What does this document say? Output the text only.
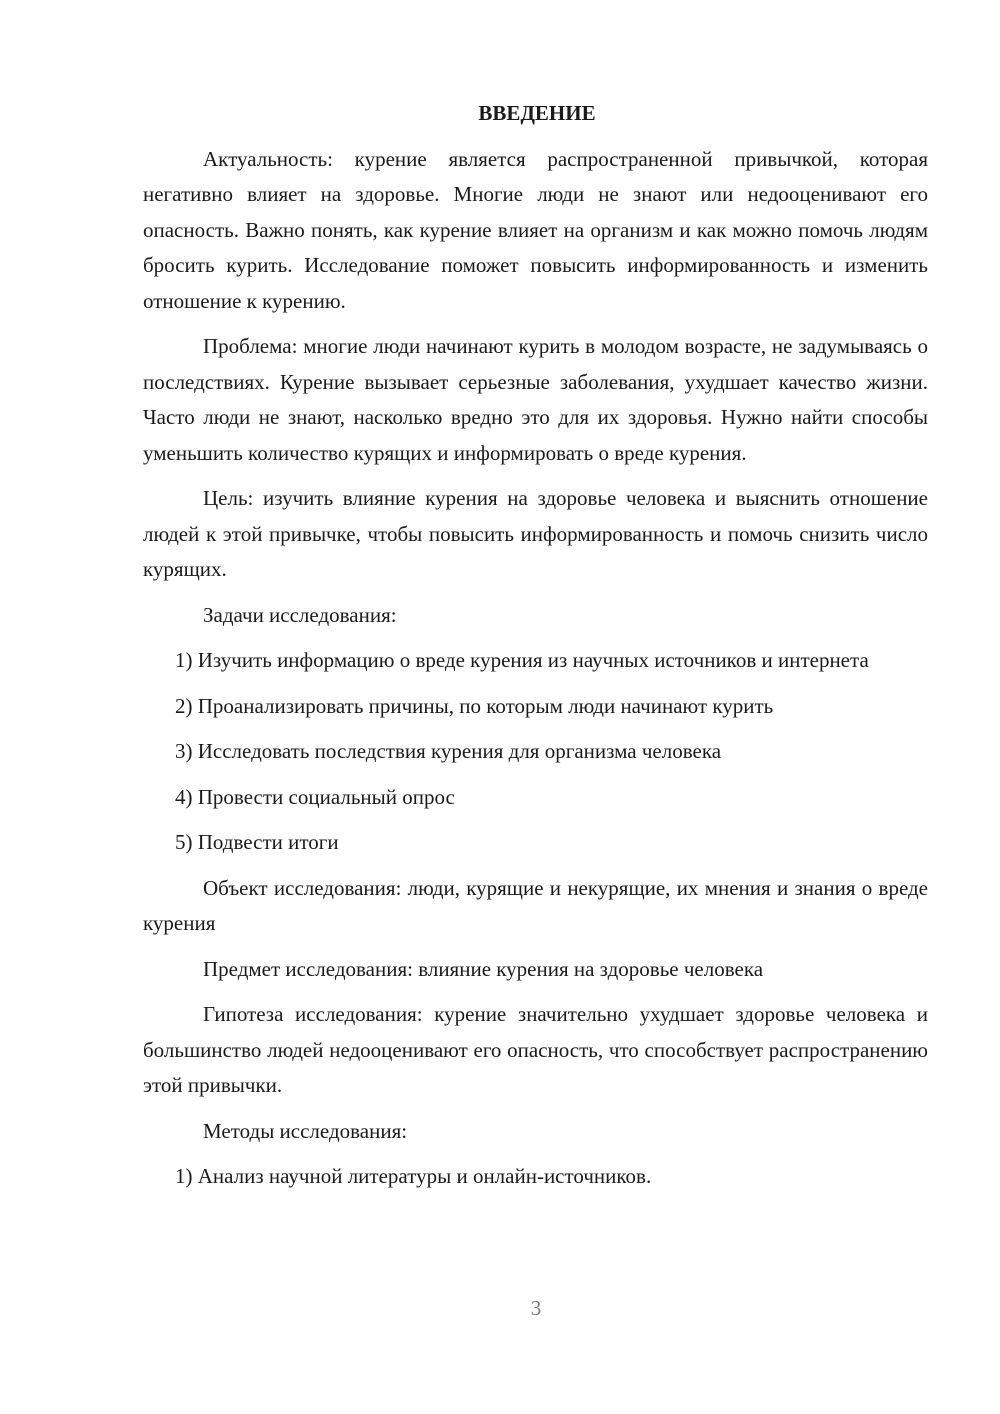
ВВЕДЕНИЕ

Актуальность: курение является распространенной привычкой, которая негативно влияет на здоровье. Многие люди не знают или недооценивают его опасность. Важно понять, как курение влияет на организм и как можно помочь людям бросить курить. Исследование поможет повысить информированность и изменить отношение к курению.

Проблема: многие люди начинают курить в молодом возрасте, не задумываясь о последствиях. Курение вызывает серьезные заболевания, ухудшает качество жизни. Часто люди не знают, насколько вредно это для их здоровья. Нужно найти способы уменьшить количество курящих и информировать о вреде курения.

Цель: изучить влияние курения на здоровье человека и выяснить отношение людей к этой привычке, чтобы повысить информированность и помочь снизить число курящих.

Задачи исследования:

1) Изучить информацию о вреде курения из научных источников и интернета

2) Проанализировать причины, по которым люди начинают курить

3) Исследовать последствия курения для организма человека

4) Провести социальный опрос

5) Подвести итоги

Объект исследования: люди, курящие и некурящие, их мнения и знания о вреде курения

Предмет исследования: влияние курения на здоровье человека

Гипотеза исследования: курение значительно ухудшает здоровье человека и большинство людей недооценивают его опасность, что способствует распространению этой привычки.

Методы исследования:

1) Анализ научной литературы и онлайн-источников.

3
